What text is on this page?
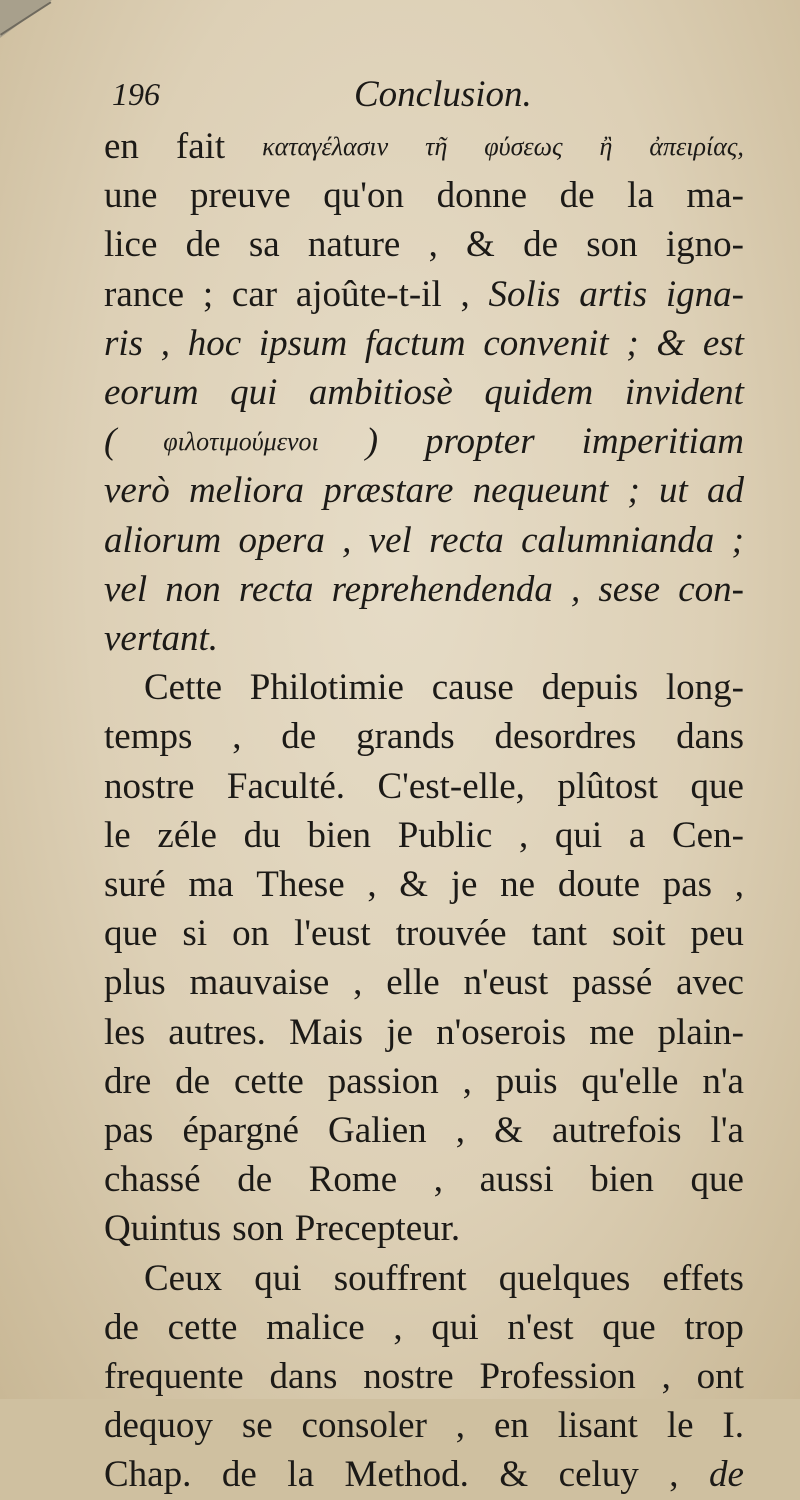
196	Conclusion.
en fait καταγέλασιν τῆ φύσεως ἢ ἀπειρίας,
une preuve qu'on donne de la ma-
lice de sa nature , & de son igno-
rance ; car ajoûte-t-il , Solis artis igna-
ris , hoc ipsum factum convenit ; & est
eorum qui ambitiosè quidem invident
( φιλοτιμούμενοι ) propter imperitiam
verò meliora præstare nequeunt ; ut ad
aliorum opera , vel recta calumnianda ;
vel non recta reprehendenda , sese con-
vertant.
Cette Philotimie cause depuis long-
temps , de grands desordres dans
nostre Faculté. C'est-elle, plûtost que
le zéle du bien Public , qui a Cen-
suré ma These , & je ne doute pas ,
que si on l'eust trouvée tant soit peu
plus mauvaise , elle n'eust passé avec
les autres. Mais je n'oserois me plain-
dre de cette passion , puis qu'elle n'a
pas épargné Galien , & autrefois l'a
chassé de Rome , aussi bien que
Quintus son Precepteur.
Ceux qui souffrent quelques effets
de cette malice , qui n'est que trop
frequente dans nostre Profession , ont
dequoy se consoler , en lisant le I.
Chap. de la Method. & celuy , de
